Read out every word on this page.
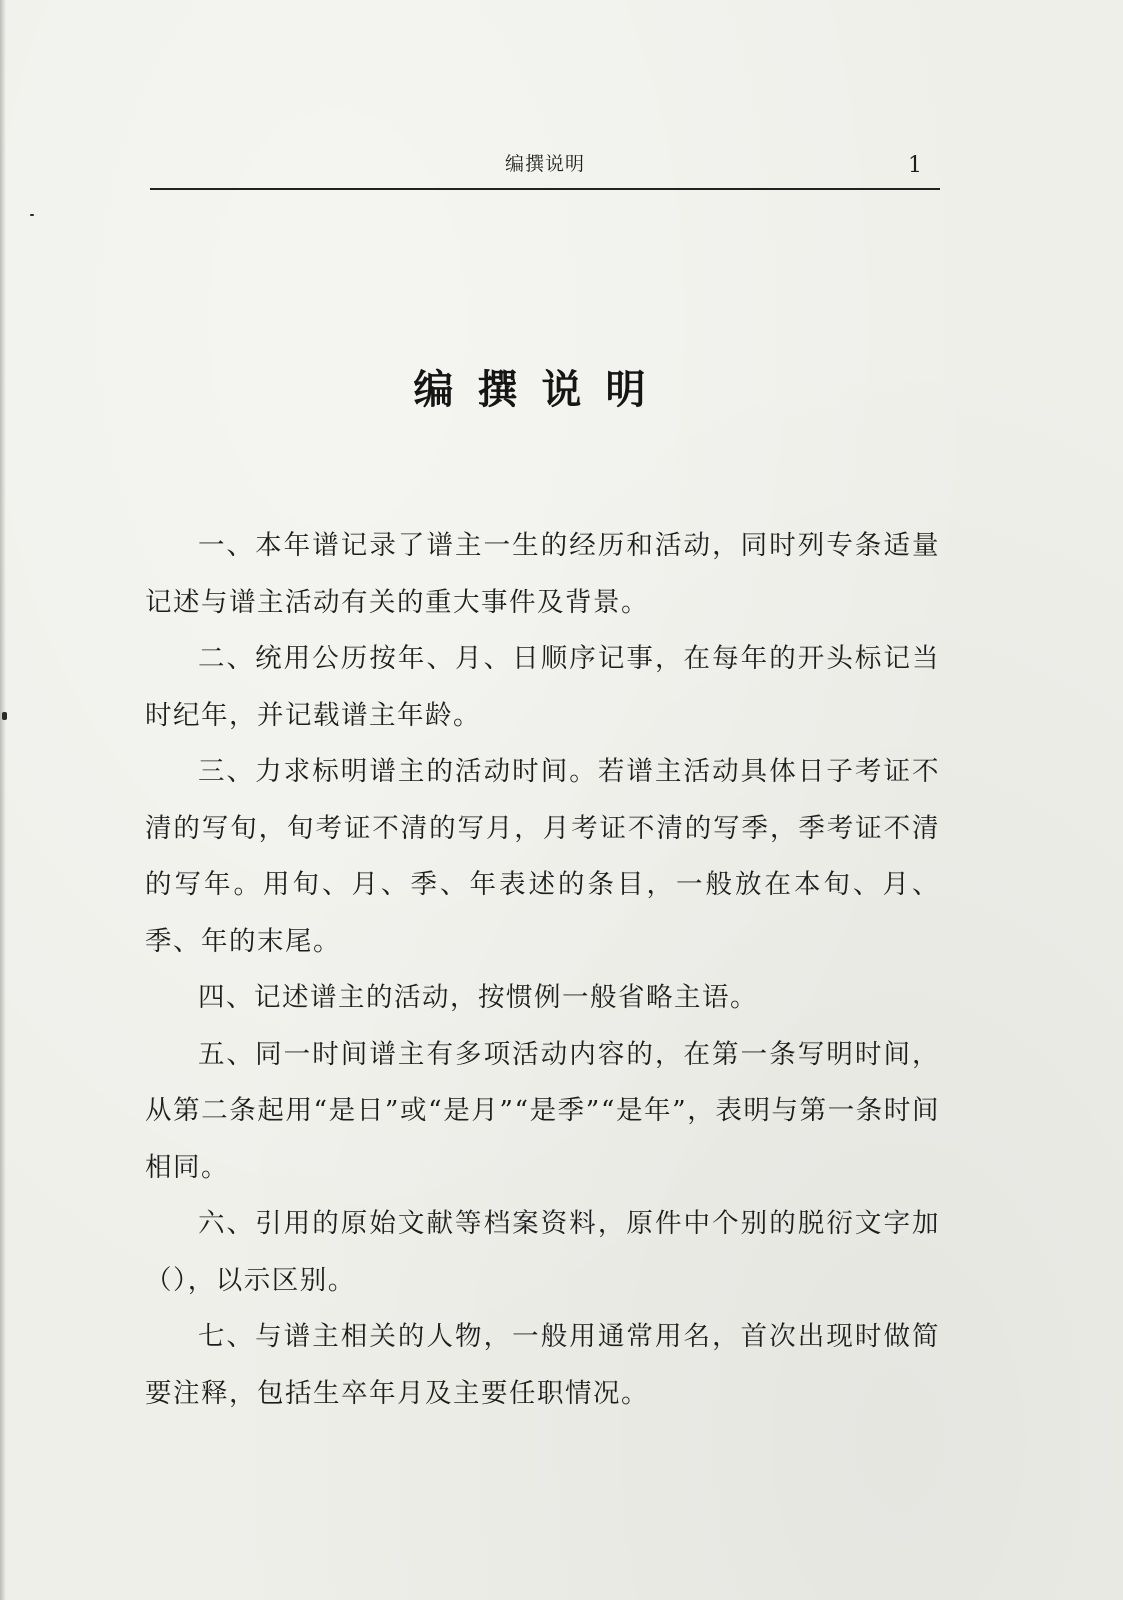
编撰说明	1
编撰说明

一、本年谱记录了谱主一生的经历和活动，同时列专条适量记述与谱主活动有关的重大事件及背景。

二、统用公历按年、月、日顺序记事，在每年的开头标记当时纪年，并记载谱主年龄。

三、力求标明谱主的活动时间。若谱主活动具体日子考证不清的写旬，旬考证不清的写月，月考证不清的写季，季考证不清的写年。用旬、月、季、年表述的条目，一般放在本旬、月、季、年的末尾。

四、记述谱主的活动，按惯例一般省略主语。

五、同一时间谱主有多项活动内容的，在第一条写明时间，从第二条起用“是日”或“是月”“是季”“是年”，表明与第一条时间相同。

六、引用的原始文献等档案资料，原件中个别的脱衍文字加（），以示区别。

七、与谱主相关的人物，一般用通常用名，首次出现时做简要注释，包括生卒年月及主要任职情况。
